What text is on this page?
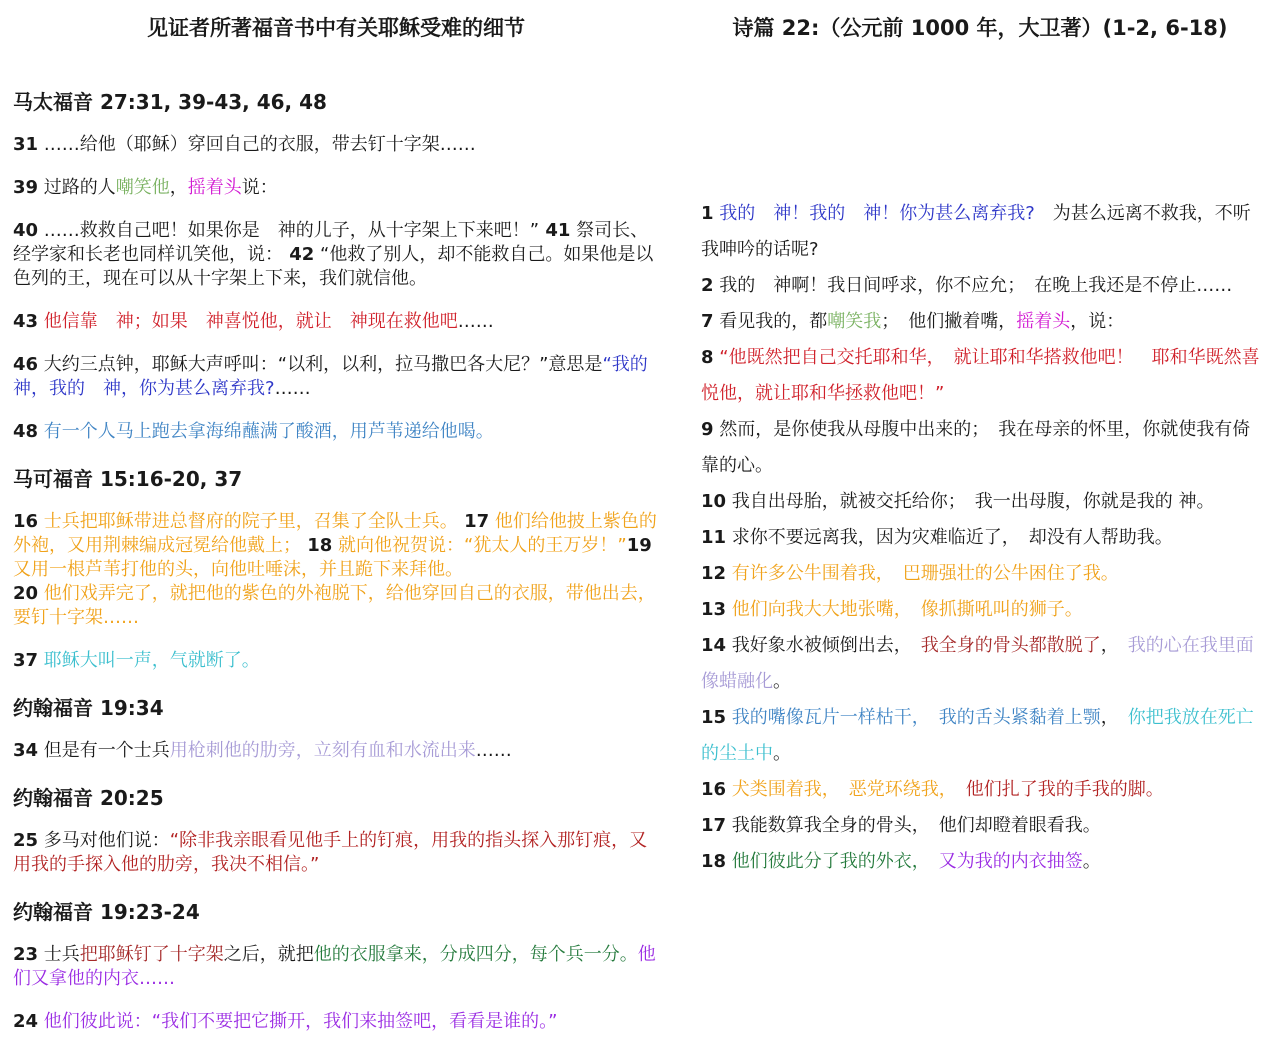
见证者所著福音书中有关耶稣受难的细节	诗篇 22:（公元前 1000 年，大卫著）(1-2, 6-18)

马太福音 27:31, 39-43, 46, 48

31 ……给他（耶稣）穿回自己的衣服，带去钉十字架……

39 过路的人嘲笑他，摇着头说：

40 ……救救自己吧！如果你是　神的儿子，从十字架上下来吧！” 41 祭司长、经学家和长老也同样讥笑他，说： 42 “他救了别人，却不能救自己。如果他是以色列的王，现在可以从十字架上下来，我们就信他。

43 他信靠　神；如果　神喜悦他，就让　神现在救他吧……

46 大约三点钟，耶稣大声呼叫：“以利，以利，拉马撒巴各大尼？”意思是“我的　神，我的　神，你为甚么离弃我?……

48 有一个人马上跑去拿海绵蘸满了酸酒，用芦苇递给他喝。

马可福音 15:16-20, 37

16 士兵把耶稣带进总督府的院子里，召集了全队士兵。 17 他们给他披上紫色的外袍，又用荆棘编成冠冕给他戴上； 18 就向他祝贺说：“犹太人的王万岁！”19 又用一根芦苇打他的头，向他吐唾沫，并且跪下来拜他。
20 他们戏弄完了，就把他的紫色的外袍脱下，给他穿回自己的衣服，带他出去，要钉十字架……

37 耶稣大叫一声，气就断了。

约翰福音 19:34

34 但是有一个士兵用枪刺他的肋旁，立刻有血和水流出来……

约翰福音 20:25

25 多马对他们说：“除非我亲眼看见他手上的钉痕，用我的指头探入那钉痕，又用我的手探入他的肋旁，我决不相信。”

约翰福音 19:23-24

23 士兵把耶稣钉了十字架之后，就把他的衣服拿来，分成四分，每个兵一分。他们又拿他的内衣……

24 他们彼此说：“我们不要把它撕开，我们来抽签吧，看看是谁的。”

1 我的　神！我的　神！你为甚么离弃我?　为甚么远离不救我，不听我呻吟的话呢?

2 我的　神啊！我日间呼求，你不应允；　在晚上我还是不停止……

7 看见我的，都嘲笑我；　他们撇着嘴，摇着头，说：

8 “他既然把自己交托耶和华，　就让耶和华搭救他吧！　耶和华既然喜悦他，就让耶和华拯救他吧！”

9 然而，是你使我从母腹中出来的；　我在母亲的怀里，你就使我有倚靠的心。

10 我自出母胎，就被交托给你；　我一出母腹，你就是我的 神。

11 求你不要远离我，因为灾难临近了，　却没有人帮助我。

12 有许多公牛围着我，　巴珊强壮的公牛困住了我。

13 他们向我大大地张嘴，　像抓撕吼叫的狮子。

14 我好象水被倾倒出去，　我全身的骨头都散脱了，　我的心在我里面像蜡融化。

15 我的嘴像瓦片一样枯干，　我的舌头紧黏着上颚，　你把我放在死亡的尘土中。

16 犬类围着我，　恶党环绕我，　他们扎了我的手我的脚。

17 我能数算我全身的骨头，　他们却瞪着眼看我。

18 他们彼此分了我的外衣，　又为我的内衣抽签。
